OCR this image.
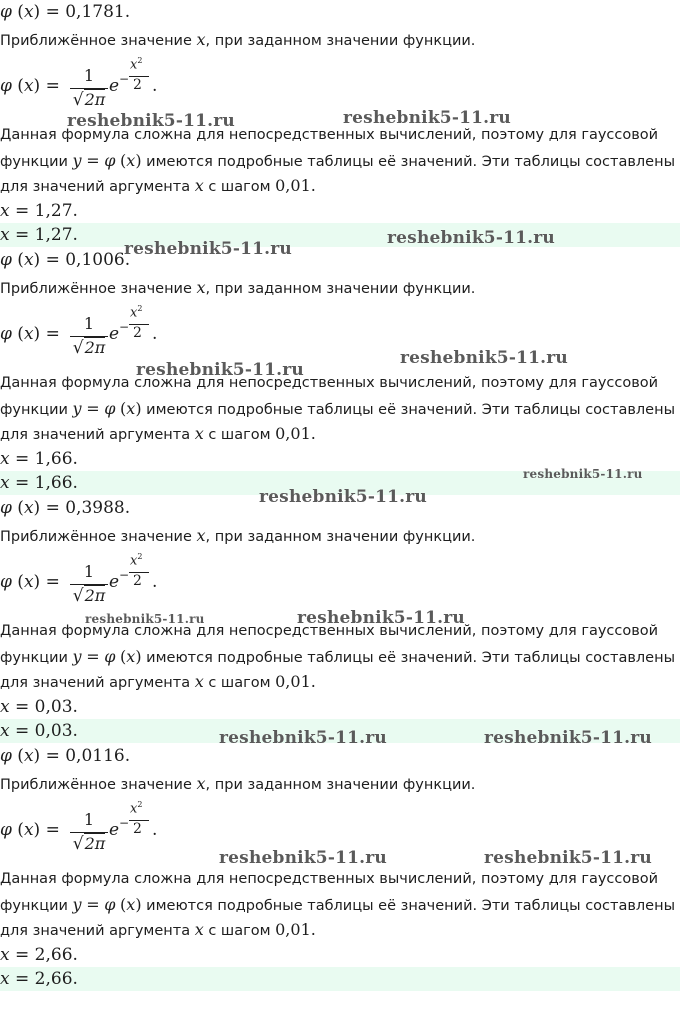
φ (x) = 0,1781.
Приближённое значение x, при заданном значении функции.
φ (x) =
1
√2π
e −
$x^2$
2 .
Данная формула сложна для непосредственных вычислений, поэтому для гауссовой
функции y = φ (x) имеются подробные таблицы её значений. Эти таблицы составлены
для значений аргумента x с шагом 0,01.
x = 1,27.
x = 1,27.
φ (x) = 0,1006.
Приближённое значение x, при заданном значении функции.
φ (x) =
1
√2π
e −
$x^2$
2 .
Данная формула сложна для непосредственных вычислений, поэтому для гауссовой
функции y = φ (x) имеются подробные таблицы её значений. Эти таблицы составлены
для значений аргумента x с шагом 0,01.
x = 1,66.
x = 1,66.
φ (x) = 0,3988.
Приближённое значение x, при заданном значении функции.
φ (x) =
1
√2π
e −
$x^2$
2 .
Данная формула сложна для непосредственных вычислений, поэтому для гауссовой
функции y = φ (x) имеются подробные таблицы её значений. Эти таблицы составлены
для значений аргумента x с шагом 0,01.
x = 0,03.
x = 0,03.
φ (x) = 0,0116.
Приближённое значение x, при заданном значении функции.
φ (x) =
1
√2π
e −
$x^2$
2 .
Данная формула сложна для непосредственных вычислений, поэтому для гауссовой
функции y = φ (x) имеются подробные таблицы её значений. Эти таблицы составлены
для значений аргумента x с шагом 0,01.
x = 2,66.
x = 2,66.
reshebnik5-11.ru	reshebnik5-11.ru
reshebnik5-11.ru
reshebnik5-11.ru
reshebnik5-11.ru
reshebnik5-11.ru
reshebnik5-11.ru
reshebnik5-11.ru
reshebnik5-11.ru	reshebnik5-11.ru
reshebnik5-11.ru	reshebnik5-11.ru
reshebnik5-11.ru	reshebnik5-11.ru
